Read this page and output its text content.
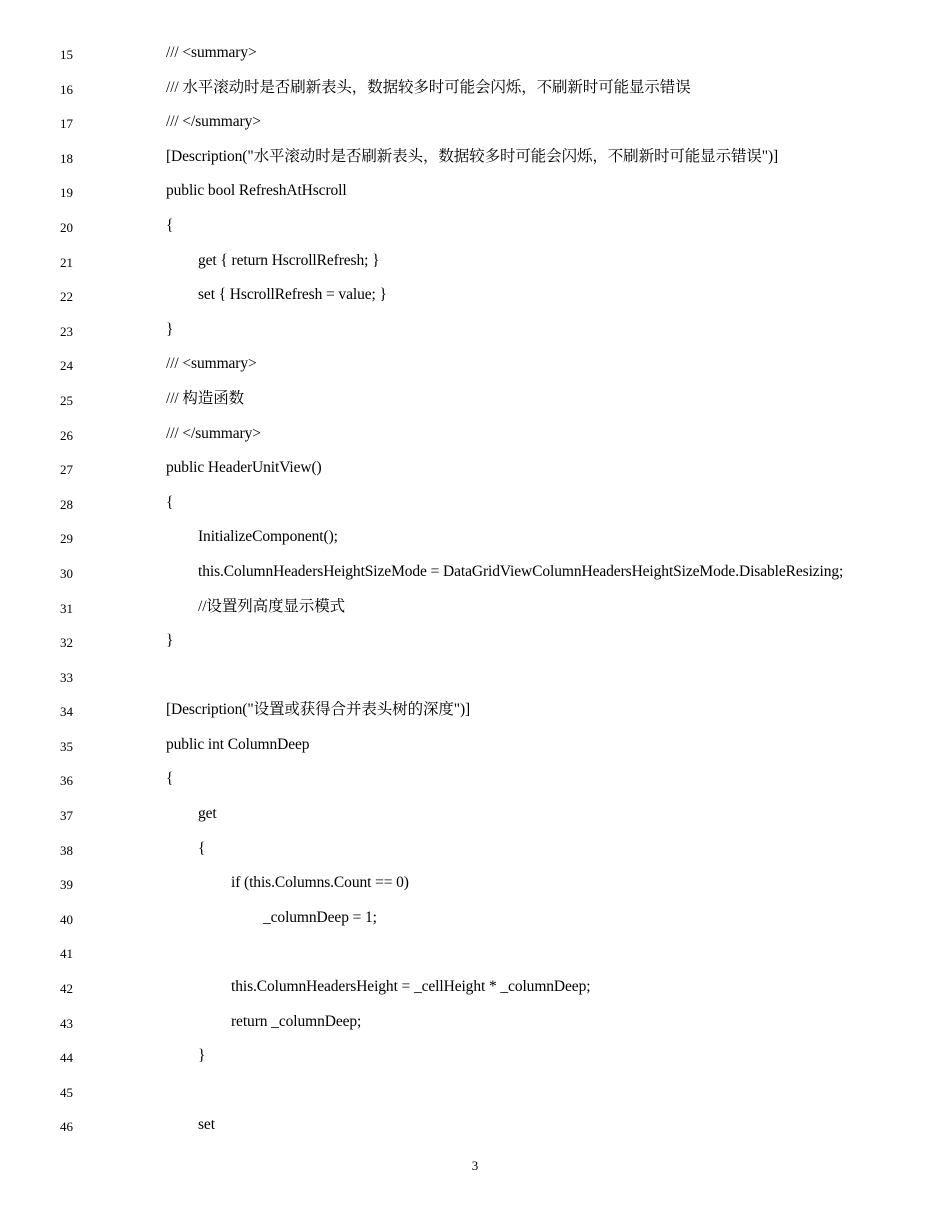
15	/// <summary>
16	/// 水平滚动时是否刷新表头，数据较多时可能会闪烁，不刷新时可能显示错误
17	/// </summary>
18	[Description("水平滚动时是否刷新表头，数据较多时可能会闪烁，不刷新时可能显示错误")]
19	public bool RefreshAtHscroll
20	{
21	get { return HscrollRefresh; }
22	set { HscrollRefresh = value; }
23	}
24	/// <summary>
25	/// 构造函数
26	/// </summary>
27	public HeaderUnitView()
28	{
29	InitializeComponent();
30	this.ColumnHeadersHeightSizeMode = DataGridViewColumnHeadersHeightSizeMode.DisableResizing;
31	//设置列高度显示模式
32	}
33
34	[Description("设置或获得合并表头树的深度")]
35	public int ColumnDeep
36	{
37	get
38	{
39	if (this.Columns.Count == 0)
40	_columnDeep = 1;
41
42	this.ColumnHeadersHeight = _cellHeight * _columnDeep;
43	return _columnDeep;
44	}
45
46	set
3
